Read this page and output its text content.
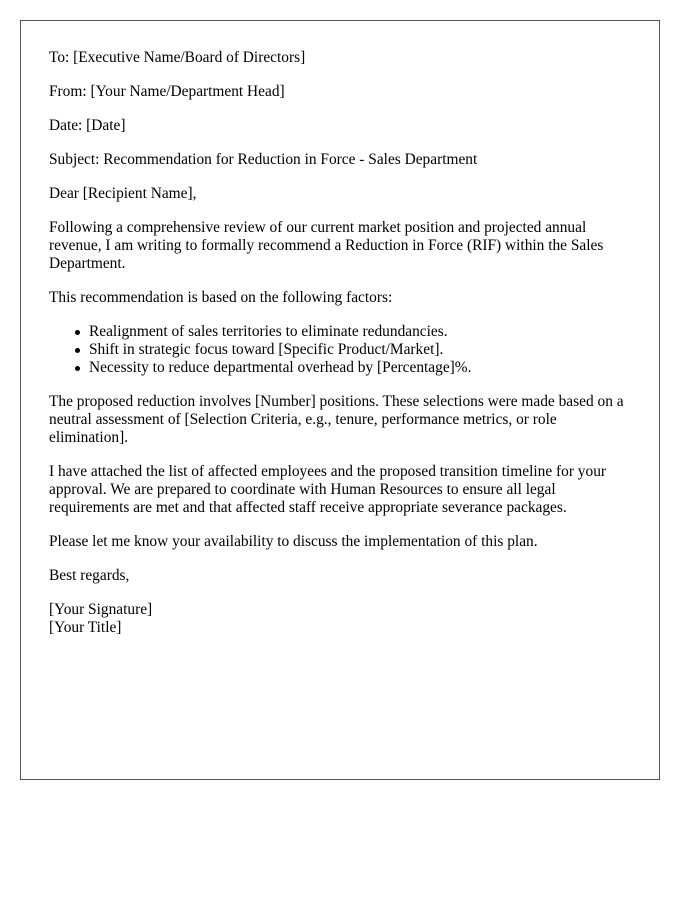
To: [Executive Name/Board of Directors]

From: [Your Name/Department Head]

Date: [Date]

Subject: Recommendation for Reduction in Force - Sales Department

Dear [Recipient Name],

Following a comprehensive review of our current market position and projected annual revenue, I am writing to formally recommend a Reduction in Force (RIF) within the Sales Department.

This recommendation is based on the following factors:

Realignment of sales territories to eliminate redundancies.
Shift in strategic focus toward [Specific Product/Market].
Necessity to reduce departmental overhead by [Percentage]%.

The proposed reduction involves [Number] positions. These selections were made based on a neutral assessment of [Selection Criteria, e.g., tenure, performance metrics, or role elimination].

I have attached the list of affected employees and the proposed transition timeline for your approval. We are prepared to coordinate with Human Resources to ensure all legal requirements are met and that affected staff receive appropriate severance packages.

Please let me know your availability to discuss the implementation of this plan.

Best regards,

[Your Signature]
[Your Title]
